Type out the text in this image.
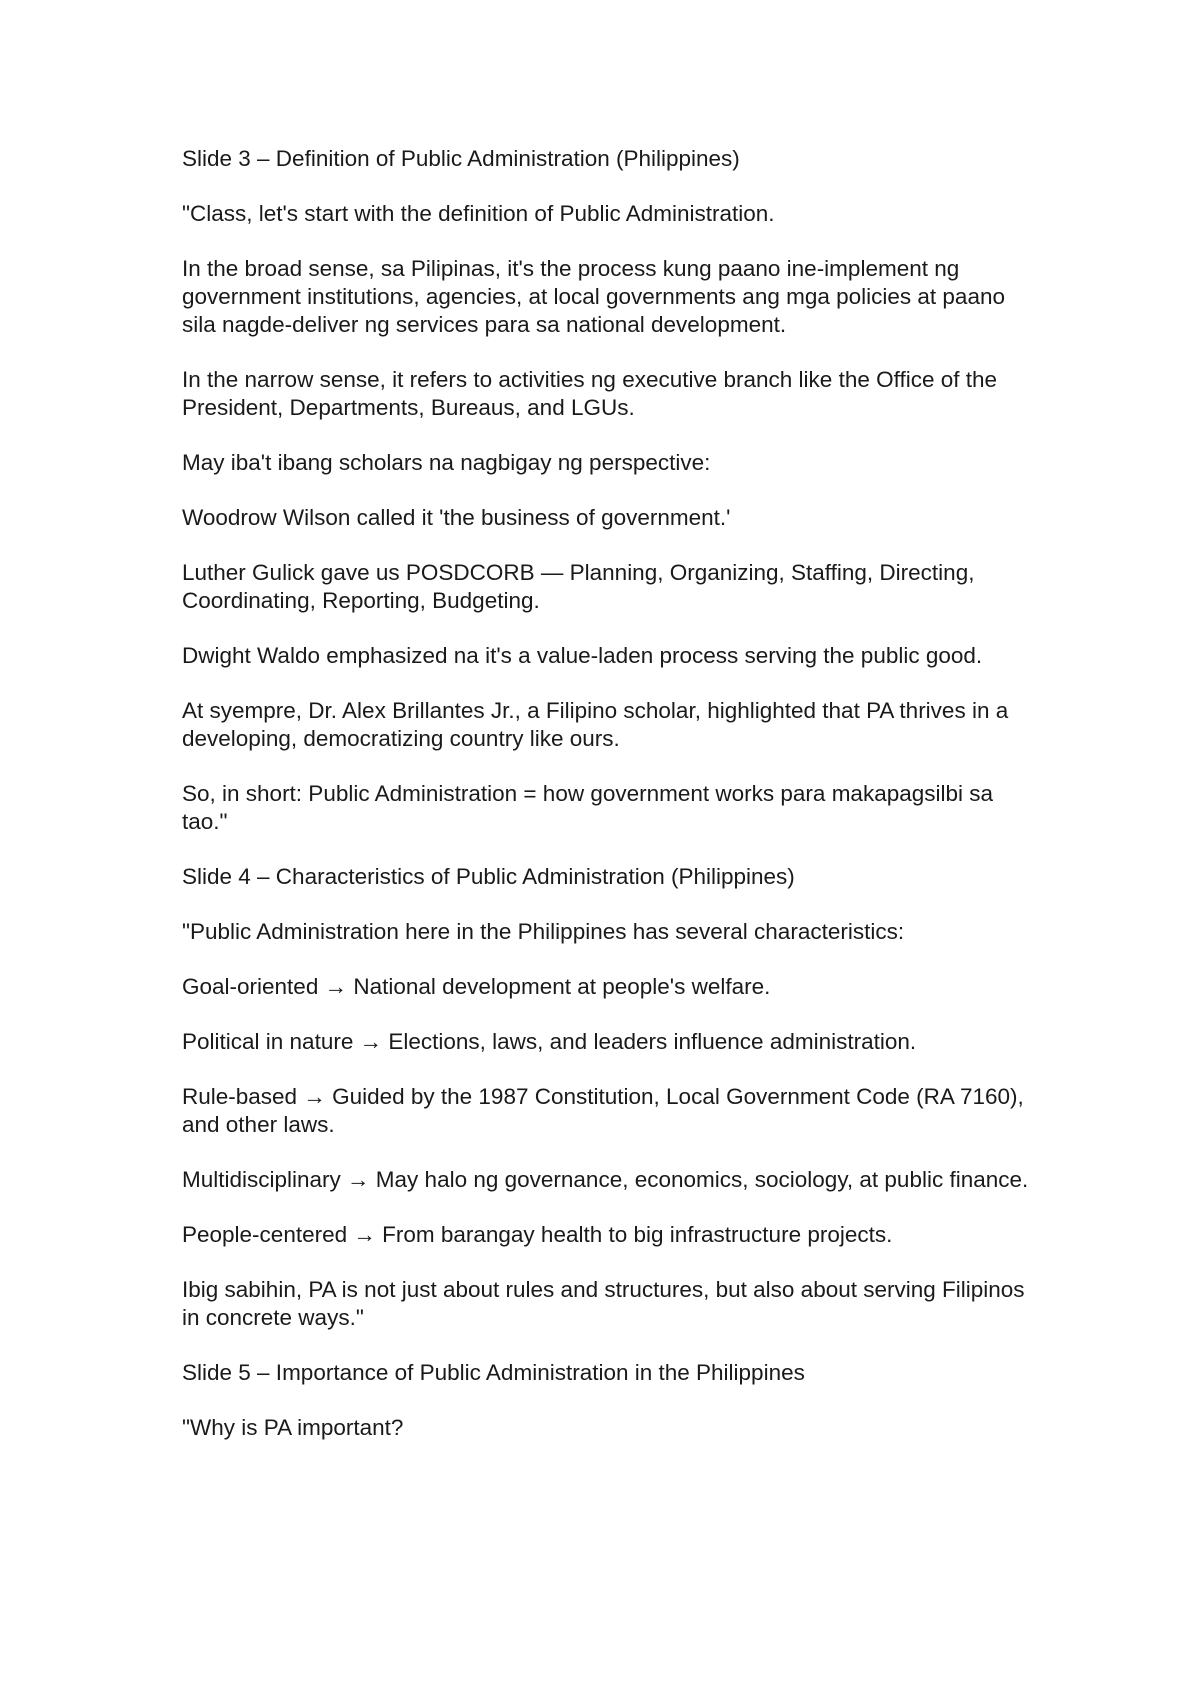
Slide 3 – Definition of Public Administration (Philippines)

"Class, let's start with the definition of Public Administration.

In the broad sense, sa Pilipinas, it's the process kung paano ine-implement ng government institutions, agencies, at local governments ang mga policies at paano sila nagde-deliver ng services para sa national development.

In the narrow sense, it refers to activities ng executive branch like the Office of the President, Departments, Bureaus, and LGUs.

May iba't ibang scholars na nagbigay ng perspective:

Woodrow Wilson called it 'the business of government.'

Luther Gulick gave us POSDCORB — Planning, Organizing, Staffing, Directing, Coordinating, Reporting, Budgeting.

Dwight Waldo emphasized na it's a value-laden process serving the public good.

At syempre, Dr. Alex Brillantes Jr., a Filipino scholar, highlighted that PA thrives in a developing, democratizing country like ours.

So, in short: Public Administration = how government works para makapagsilbi sa tao."

Slide 4 – Characteristics of Public Administration (Philippines)

"Public Administration here in the Philippines has several characteristics:

Goal-oriented → National development at people's welfare.

Political in nature → Elections, laws, and leaders influence administration.

Rule-based → Guided by the 1987 Constitution, Local Government Code (RA 7160), and other laws.

Multidisciplinary → May halo ng governance, economics, sociology, at public finance.

People-centered → From barangay health to big infrastructure projects.

Ibig sabihin, PA is not just about rules and structures, but also about serving Filipinos in concrete ways."

Slide 5 – Importance of Public Administration in the Philippines

"Why is PA important?
